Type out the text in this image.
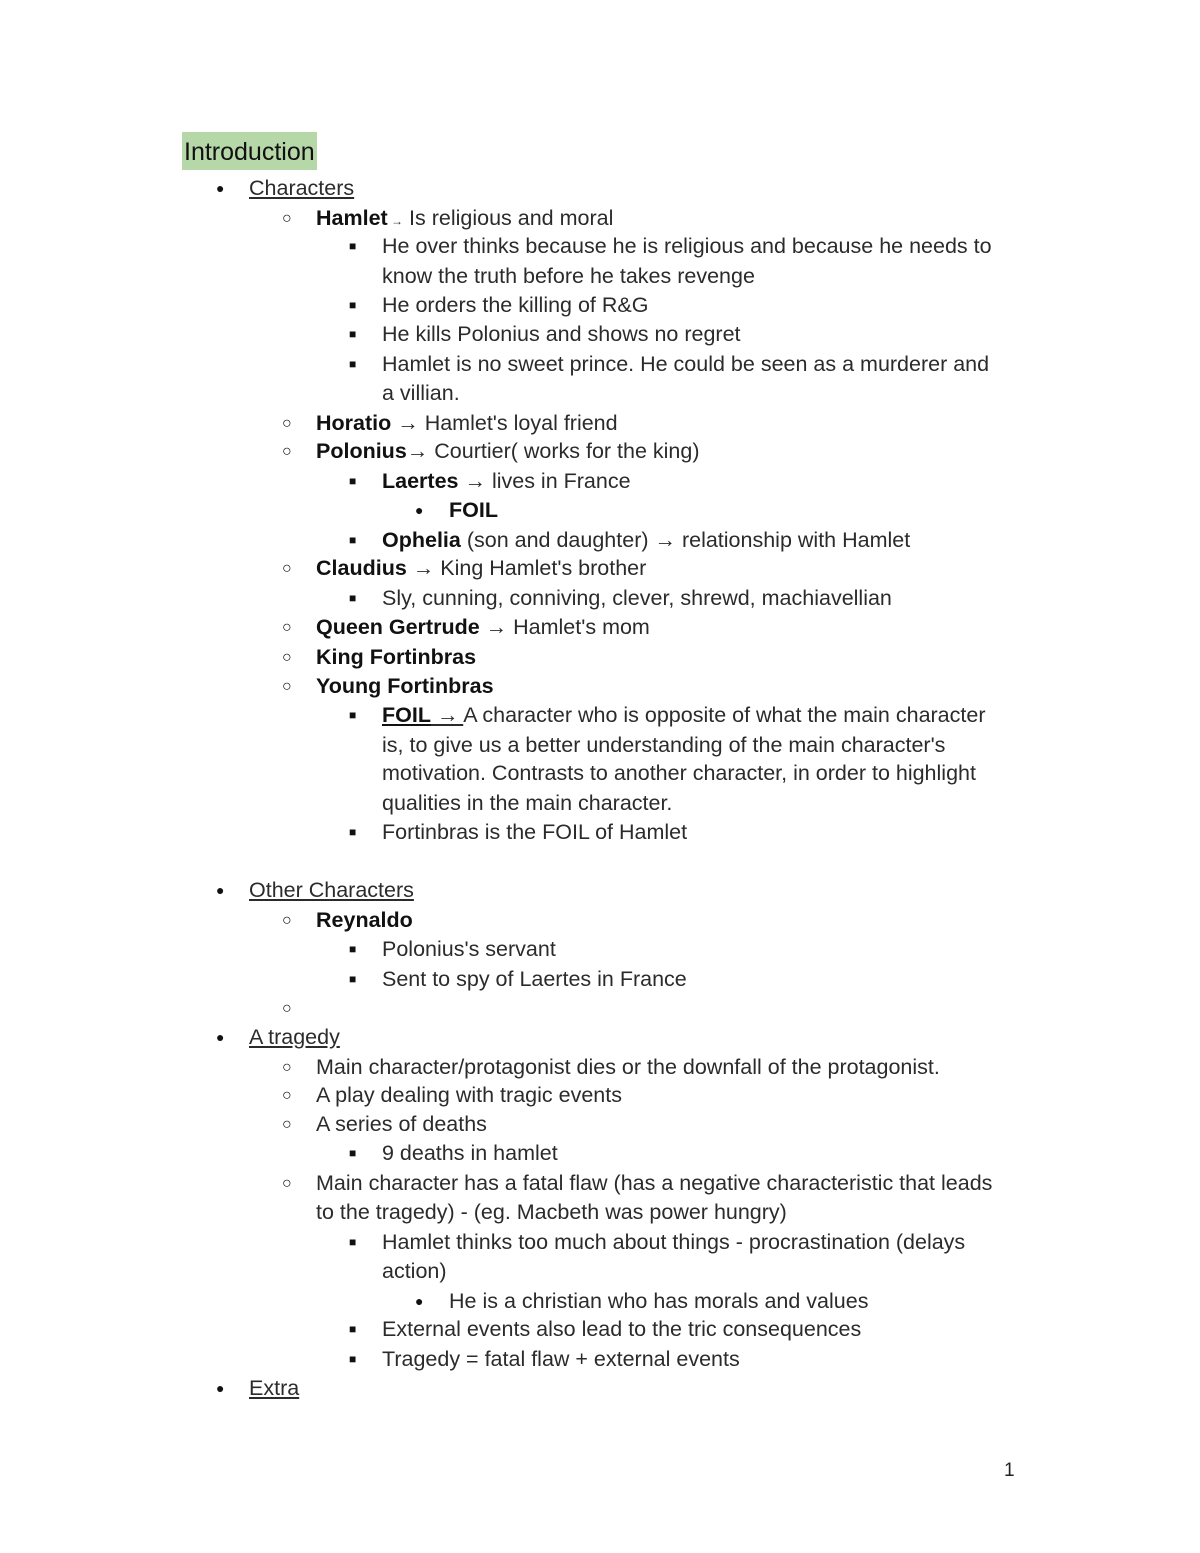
Introduction
● Characters
○ Hamlet → Is religious and moral
■ He over thinks because he is religious and because he needs to
know the truth before he takes revenge
■ He orders the killing of R&G
■ He kills Polonius and shows no regret
■ Hamlet is no sweet prince. He could be seen as a murderer and
a villian.
○ Horatio → Hamlet's loyal friend
○ Polonius→ Courtier( works for the king)
■ Laertes → lives in France
● FOIL
■ Ophelia (son and daughter) → relationship with Hamlet
○ Claudius → King Hamlet's brother
■ Sly, cunning, conniving, clever, shrewd, machiavellian
○ Queen Gertrude → Hamlet's mom
○ King Fortinbras
○ Young Fortinbras
■ FOIL → A character who is opposite of what the main character
is, to give us a better understanding of the main character's
motivation. Contrasts to another character, in order to highlight
qualities in the main character.
■ Fortinbras is the FOIL of Hamlet
● Other Characters
○ Reynaldo
■ Polonius's servant
■ Sent to spy of Laertes in France
○
● A tragedy
○ Main character/protagonist dies or the downfall of the protagonist.
○ A play dealing with tragic events
○ A series of deaths
■ 9 deaths in hamlet
○ Main character has a fatal flaw (has a negative characteristic that leads
to the tragedy) - (eg. Macbeth was power hungry)
■ Hamlet thinks too much about things - procrastination (delays
action)
● He is a christian who has morals and values
■ External events also lead to the tric consequences
■ Tragedy = fatal flaw + external events
● Extra
1
